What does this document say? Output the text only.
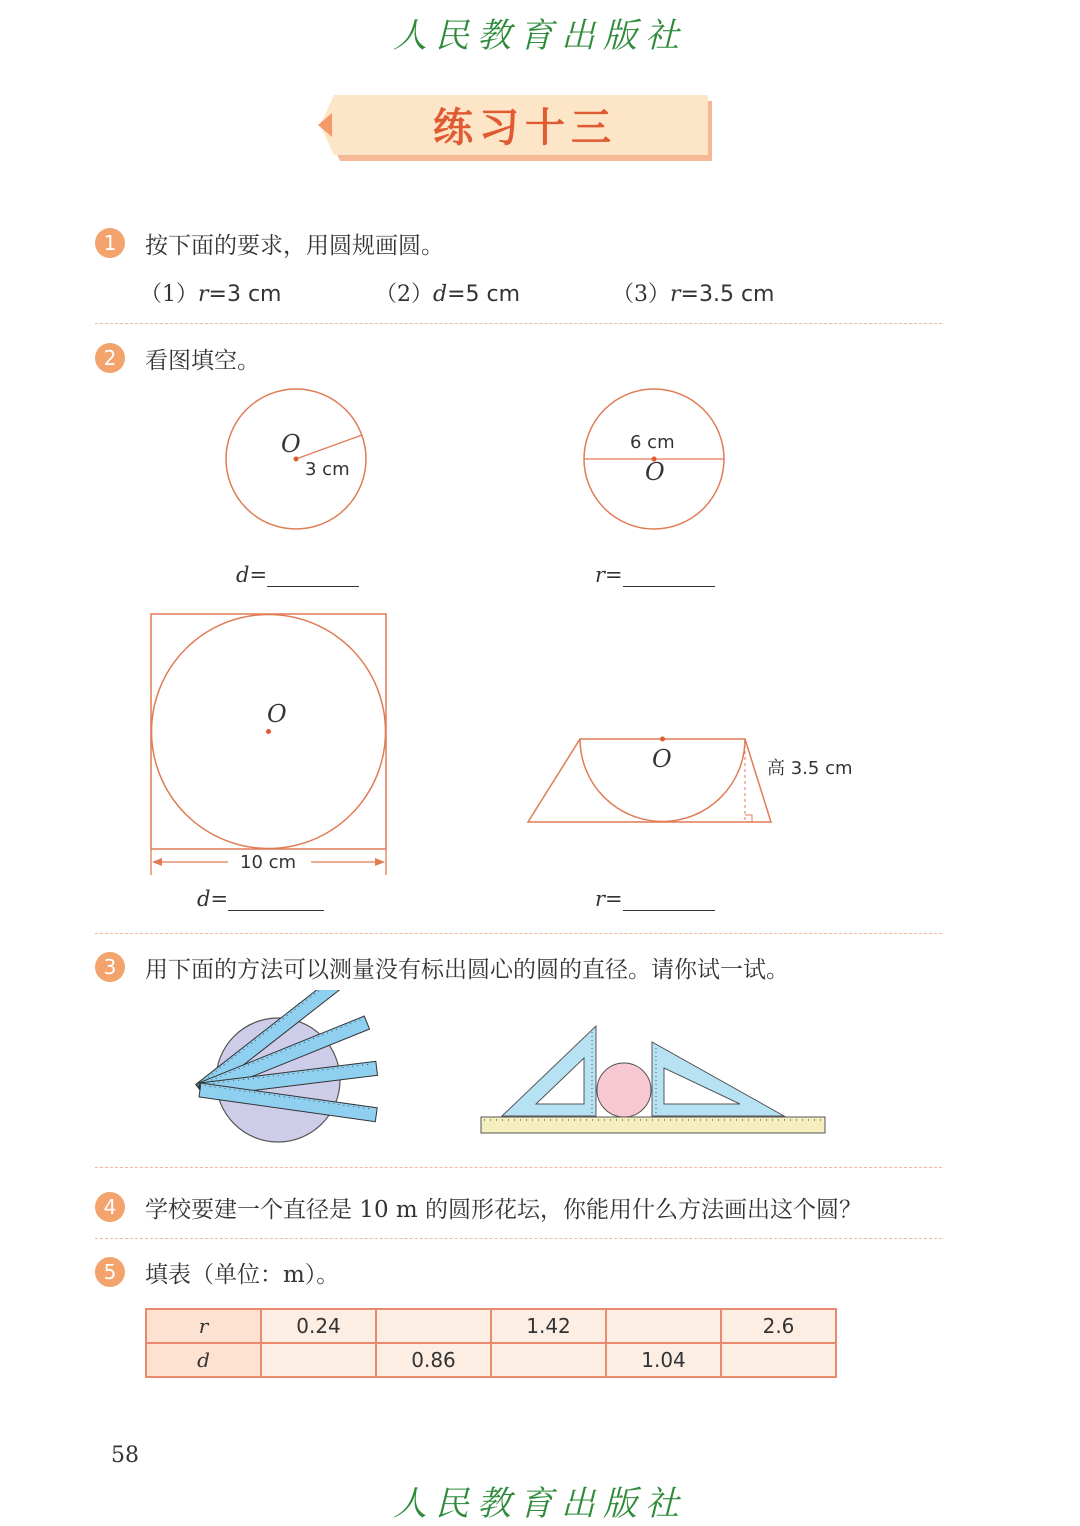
人民教育出版社
练习十三
1	按下面的要求，用圆规画圆。
（1）r=3 cm	（2）d=5 cm	（3）r=3.5 cm
2	看图填空。
O
3 cm
d=
6 cm
O
r=
O
10 cm
d=
O	高 3.5 cm
r=
3	用下面的方法可以测量没有标出圆心的圆的直径。请你试一试。
4	学校要建一个直径是 10 m 的圆形花坛，你能用什么方法画出这个圆？
5	填表（单位：m）。
r	0.24		1.42		2.6
d		0.86		1.04	
58
人民教育出版社
